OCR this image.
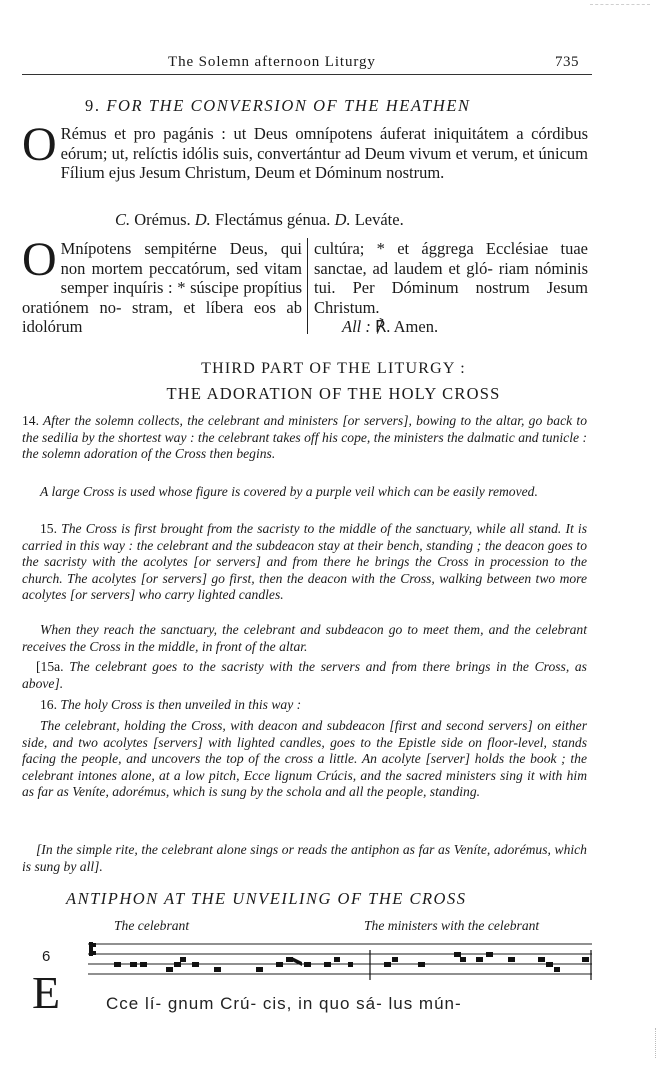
The Solemn afternoon Liturgy	735
9. FOR THE CONVERSION OF THE HEATHEN
O Rémus et pro pagánis : ut Deus omnípotens áuferat iniquitátem a córdibus eórum; ut, relíctis idólis suis, convertántur ad Deum vivum et verum, et únicum Fílium ejus Jesum Christum, Deum et Dóminum nostrum.
C. Orémus. D. Flectámus génua. D. Leváte.
O Mnípotens sempitérne Deus, qui non mortem peccatórum, sed vitam semper inquíris : * súscipe propítius oratiónem no- stram, et líbera eos ab idolórum
cultúra; * et ággrega Ecclésiae tuae sanctae, ad laudem et gló- riam nóminis tui. Per Dóminum nostrum Jesum Christum.
All : ℟. Amen.
THIRD PART OF THE LITURGY :
THE ADORATION OF THE HOLY CROSS
14. After the solemn collects, the celebrant and ministers [or servers], bowing to the altar, go back to the sedilia by the shortest way : the celebrant takes off his cope, the ministers the dalmatic and tunicle : the solemn adoration of the Cross then begins.
A large Cross is used whose figure is covered by a purple veil which can be easily removed.
15. The Cross is first brought from the sacristy to the middle of the sanctuary, while all stand. It is carried in this way : the celebrant and the subdeacon stay at their bench, standing ; the deacon goes to the sacristy with the acolytes [or servers] and from there he brings the Cross in procession to the church. The acolytes [or servers] go first, then the deacon with the Cross, walking between two more acolytes [or servers] who carry lighted candles.
When they reach the sanctuary, the celebrant and subdeacon go to meet them, and the celebrant receives the Cross in the middle, in front of the altar.
[15a. The celebrant goes to the sacristy with the servers and from there brings in the Cross, as above].
16. The holy Cross is then unveiled in this way :
The celebrant, holding the Cross, with deacon and subdeacon [first and second servers] on either side, and two acolytes [servers] with lighted candles, goes to the Epistle side on floor-level, stands facing the people, and uncovers the top of the cross a little. An acolyte [server] holds the book ; the celebrant intones alone, at a low pitch, Ecce lignum Crúcis, and the sacred ministers sing it with him as far as Veníte, adorémus, which is sung by the schola and all the people, standing.
[In the simple rite, the celebrant alone sings or reads the antiphon as far as Veníte, adorémus, which is sung by all].
ANTIPHON AT THE UNVEILING OF THE CROSS
The celebrant	The ministers with the celebrant
6
E	Cce lí- gnum Crú- cis, in quo sá- lus mún-
